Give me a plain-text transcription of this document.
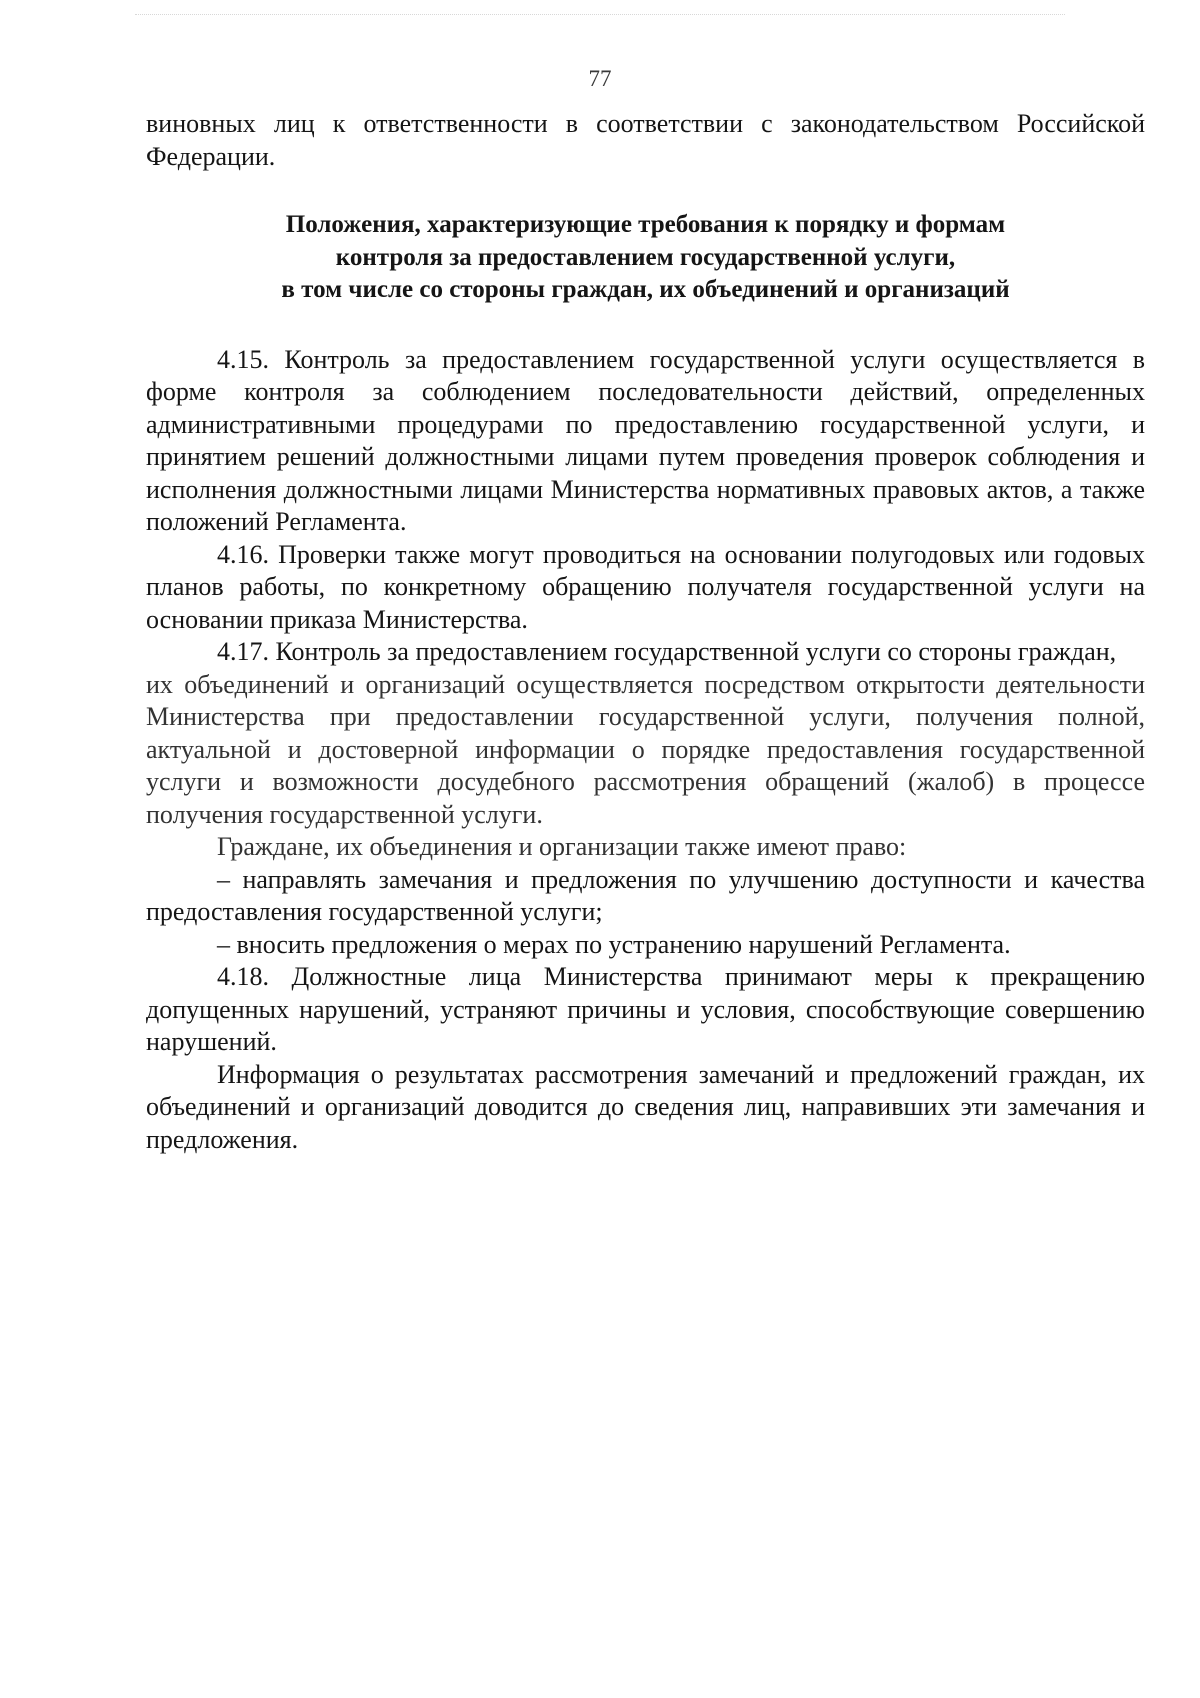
77

виновных лиц к ответственности в соответствии с законодательством Российской Федерации.

Положения, характеризующие требования к порядку и формам
контроля за предоставлением государственной услуги,
в том числе со стороны граждан, их объединений и организаций

4.15. Контроль за предоставлением государственной услуги осуществляется в форме контроля за соблюдением последовательности действий, определенных административными процедурами по предоставлению государственной услуги, и принятием решений должностными лицами путем проведения проверок соблюдения и исполнения должностными лицами Министерства нормативных правовых актов, а также положений Регламента.

4.16. Проверки также могут проводиться на основании полугодовых или годовых планов работы, по конкретному обращению получателя государственной услуги на основании приказа Министерства.

4.17. Контроль за предоставлением государственной услуги со стороны граждан,

их объединений и организаций осуществляется посредством открытости деятельности Министерства при предоставлении государственной услуги, получения полной, актуальной и достоверной информации о порядке предоставления государственной услуги и возможности досудебного рассмотрения обращений (жалоб) в процессе получения государственной услуги.

Граждане, их объединения и организации также имеют право:

– направлять замечания и предложения по улучшению доступности и качества предоставления государственной услуги;

– вносить предложения о мерах по устранению нарушений Регламента.

4.18. Должностные лица Министерства принимают меры к прекращению допущенных нарушений, устраняют причины и условия, способствующие совершению нарушений.

Информация о результатах рассмотрения замечаний и предложений граждан, их объединений и организаций доводится до сведения лиц, направивших эти замечания и предложения.
